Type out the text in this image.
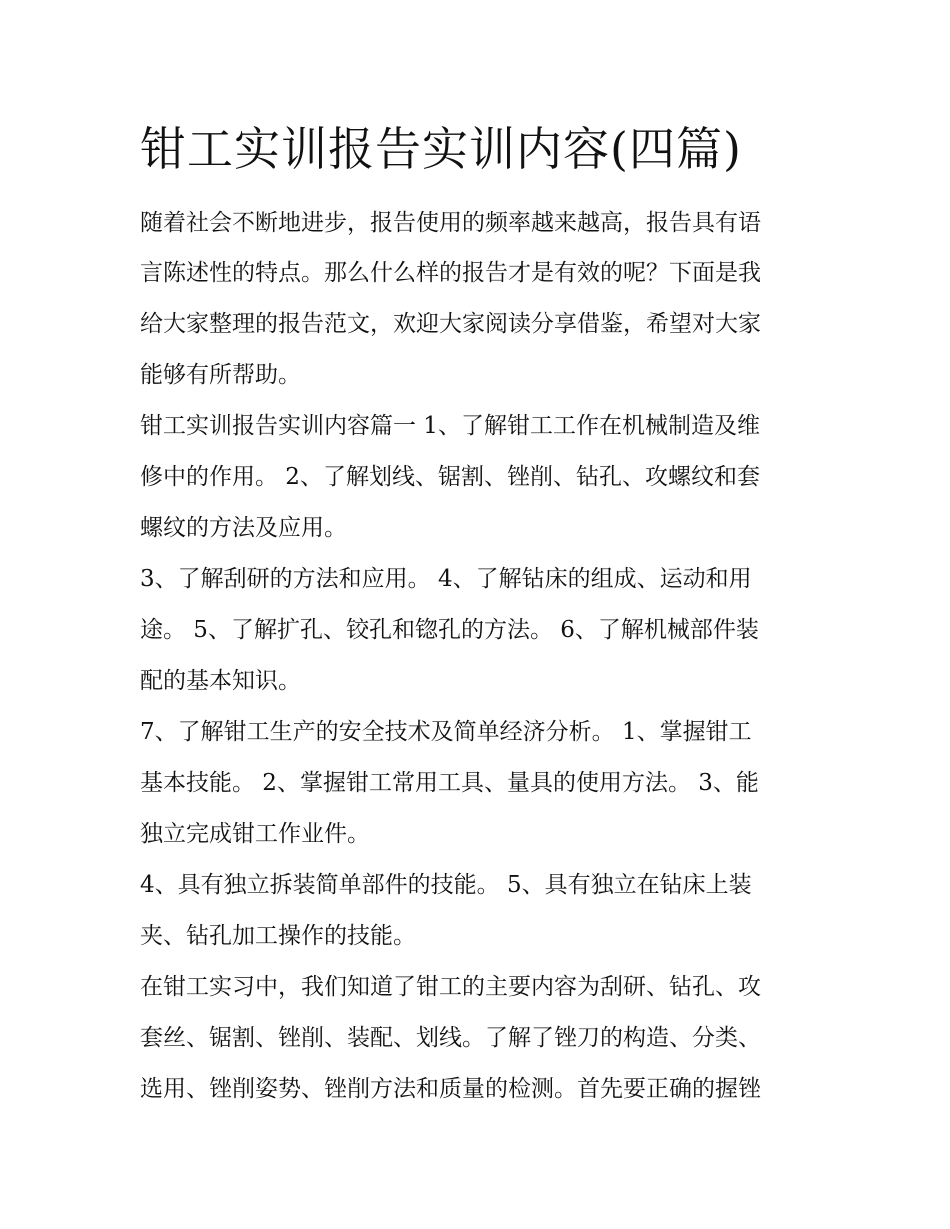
钳工实训报告实训内容(四篇)
随着社会不断地进步，报告使用的频率越来越高，报告具有语
言陈述性的特点。那么什么样的报告才是有效的呢？下面是我
给大家整理的报告范文，欢迎大家阅读分享借鉴，希望对大家
能够有所帮助。
钳工实训报告实训内容篇一 1、了解钳工工作在机械制造及维
修中的作用。 2、了解划线、锯割、锉削、钻孔、攻螺纹和套
螺纹的方法及应用。
3、了解刮研的方法和应用。 4、了解钻床的组成、运动和用
途。 5、了解扩孔、铰孔和锪孔的方法。 6、了解机械部件装
配的基本知识。
7、了解钳工生产的安全技术及简单经济分析。 1、掌握钳工
基本技能。 2、掌握钳工常用工具、量具的使用方法。 3、能
独立完成钳工作业件。
4、具有独立拆装简单部件的技能。 5、具有独立在钻床上装
夹、钻孔加工操作的技能。
在钳工实习中，我们知道了钳工的主要内容为刮研、钻孔、攻
套丝、锯割、锉削、装配、划线。了解了锉刀的构造、分类、
选用、锉削姿势、锉削方法和质量的检测。首先要正确的握锉
